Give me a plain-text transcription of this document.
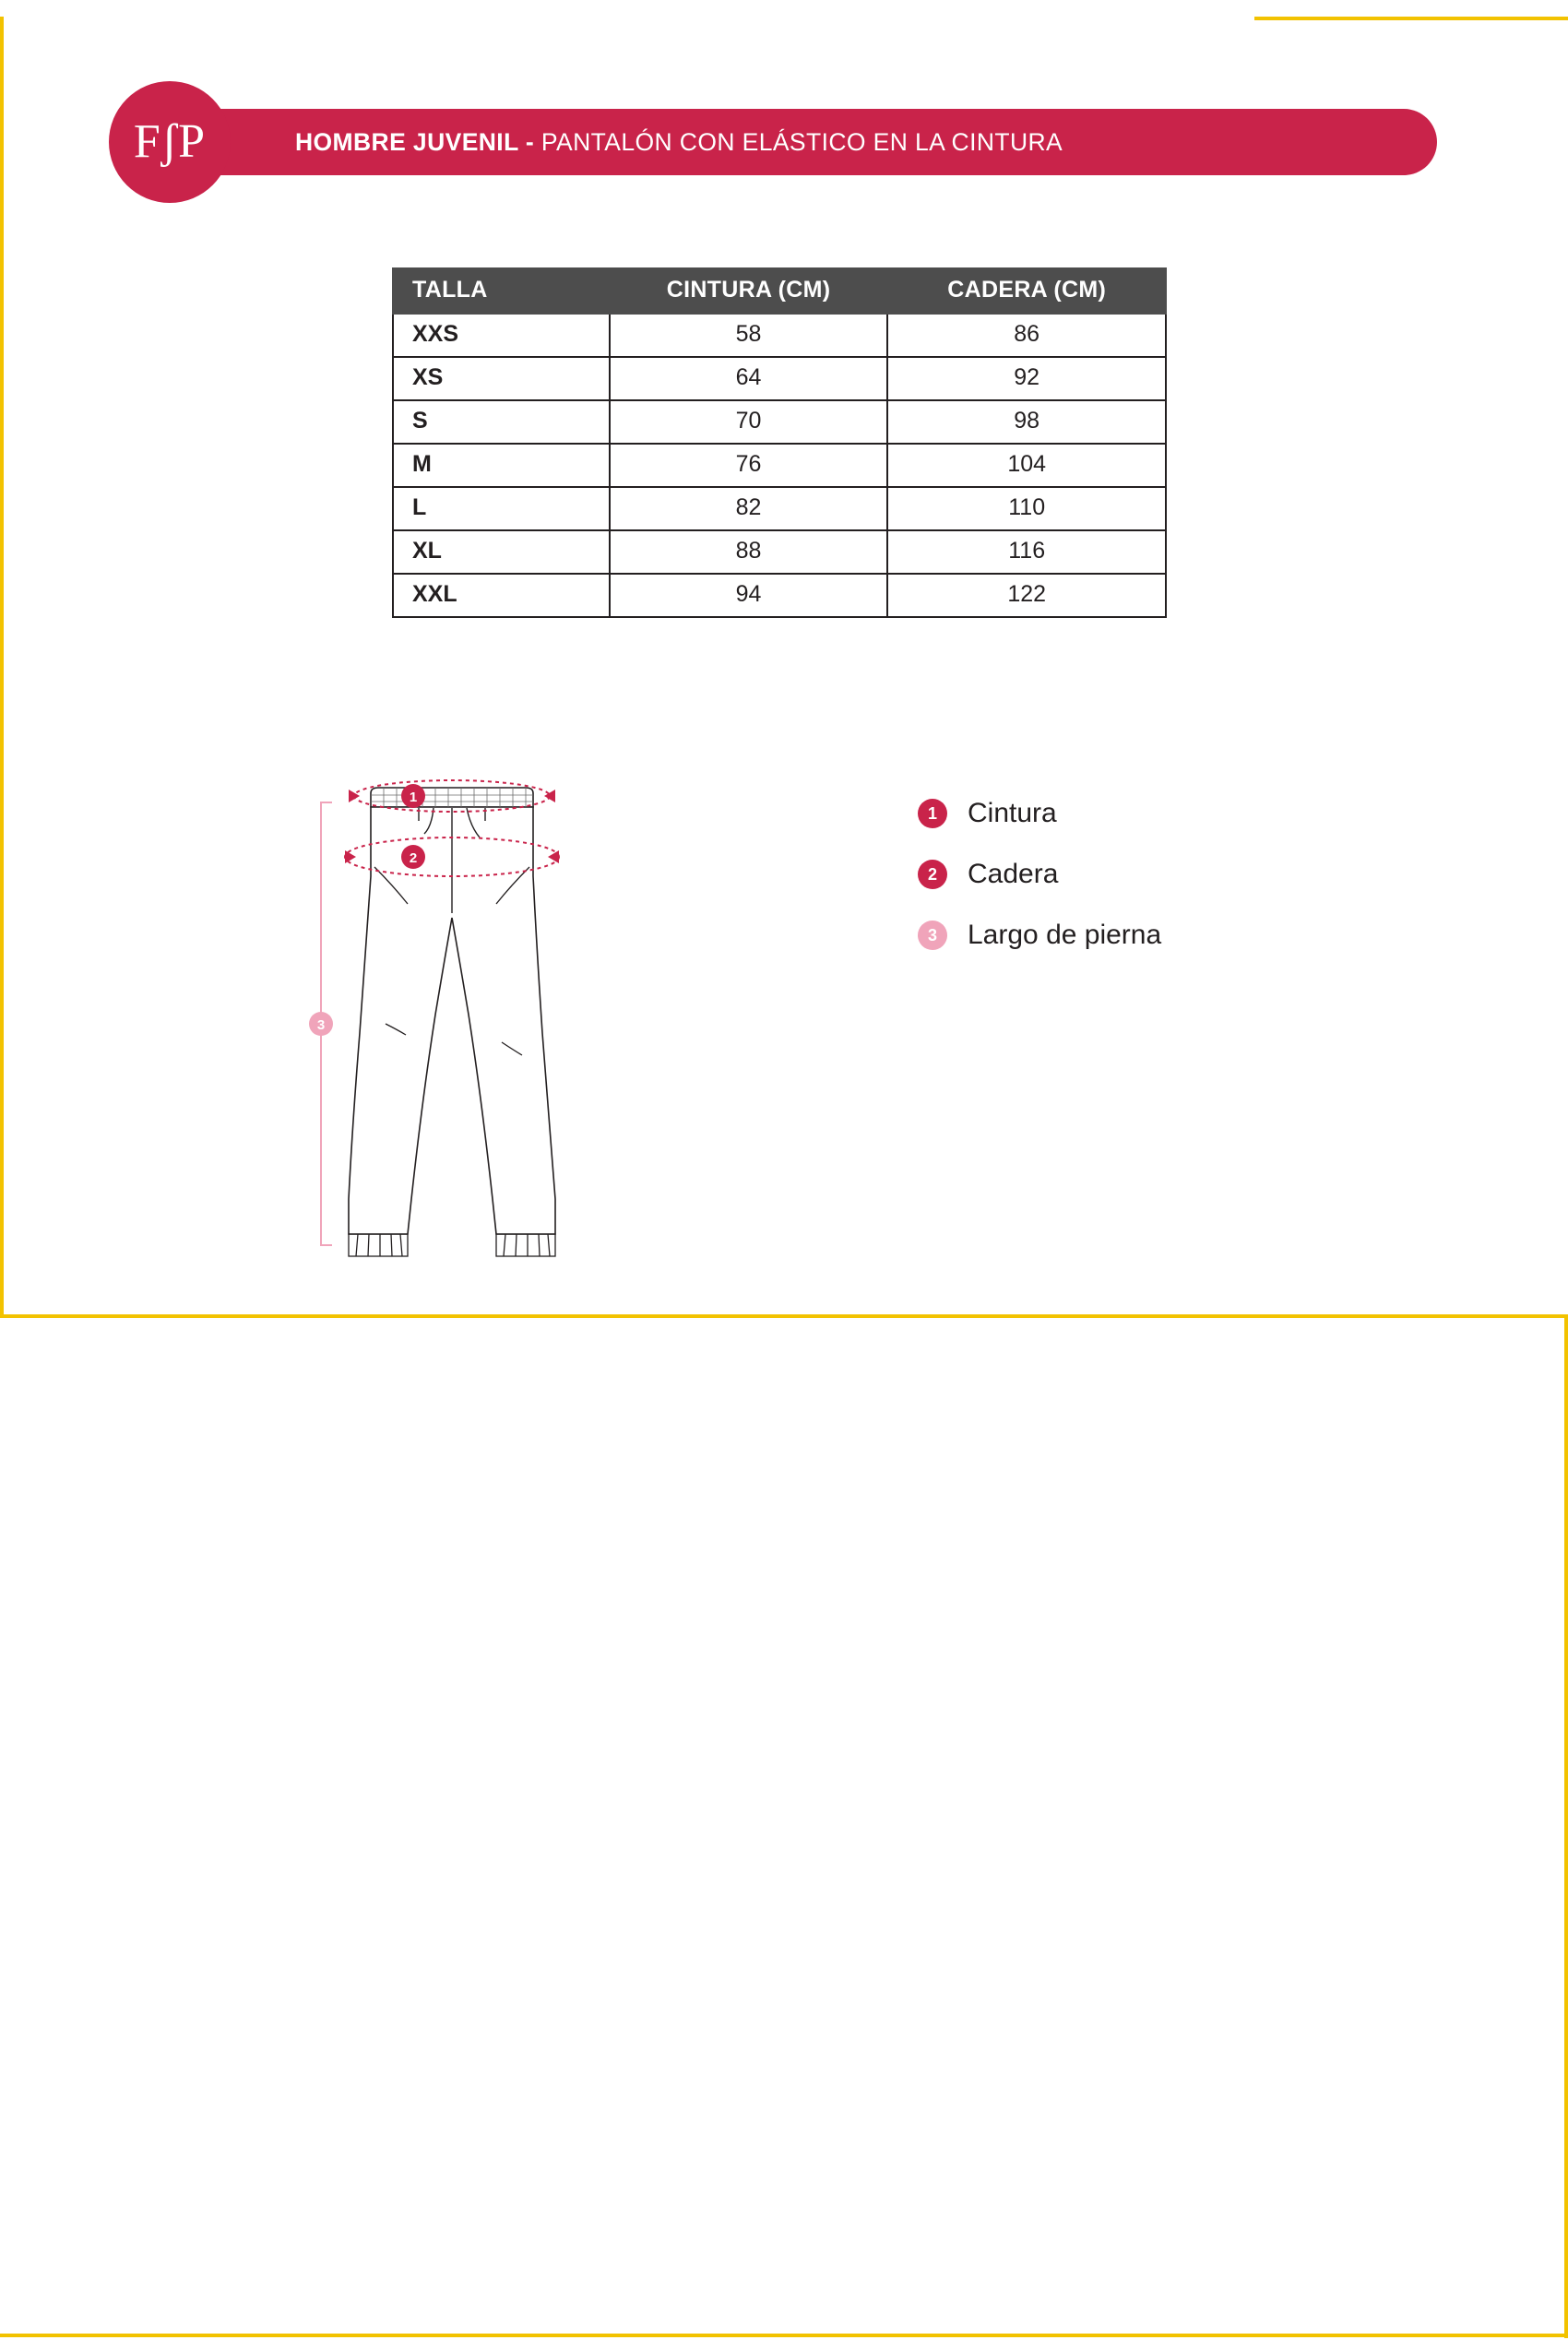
HOMBRE JUVENIL - PANTALÓN CON ELÁSTICO EN LA CINTURA
FʃP
TALLA	CINTURA (CM)	CADERA (CM)
XXS	58	86
XS	64	92
S	70	98
M	76	104
L	82	110
XL	88	116
XXL	94	122
3
1
2
1	Cintura
2	Cadera
3	Largo de pierna
